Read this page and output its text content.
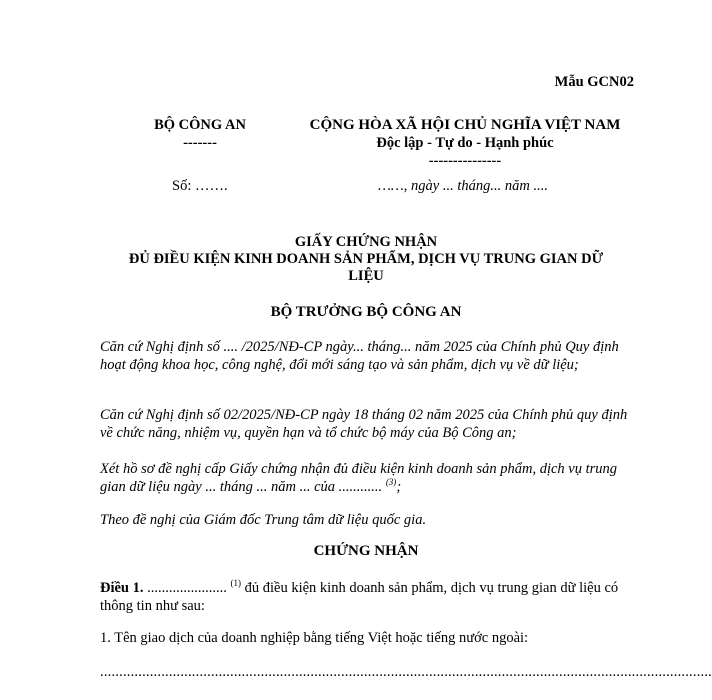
Mẫu GCN02
BỘ CÔNG AN
-------
CỘNG HÒA XÃ HỘI CHỦ NGHĨA VIỆT NAM
Độc lập - Tự do - Hạnh phúc
---------------
Số: …….	……, ngày ... tháng... năm ....
GIẤY CHỨNG NHẬN
ĐỦ ĐIỀU KIỆN KINH DOANH SẢN PHẨM, DỊCH VỤ TRUNG GIAN DỮ
LIỆU
BỘ TRƯỞNG BỘ CÔNG AN
Căn cứ Nghị định số .... /2025/NĐ-CP ngày... tháng... năm 2025 của Chính phủ Quy định hoạt động khoa học, công nghệ, đổi mới sáng tạo và sản phẩm, dịch vụ về dữ liệu;
Căn cứ Nghị định số 02/2025/NĐ-CP ngày 18 tháng 02 năm 2025 của Chính phủ quy định về chức năng, nhiệm vụ, quyền hạn và tổ chức bộ máy của Bộ Công an;
Xét hồ sơ đề nghị cấp Giấy chứng nhận đủ điều kiện kinh doanh sản phẩm, dịch vụ trung gian dữ liệu ngày ... tháng ... năm ... của ............ $^{(3)}$;
Theo đề nghị của Giám đốc Trung tâm dữ liệu quốc gia.
CHỨNG NHẬN
Điều 1. ...................... $^{(1)}$ đủ điều kiện kinh doanh sản phẩm, dịch vụ trung gian dữ liệu có thông tin như sau:
1. Tên giao dịch của doanh nghiệp bằng tiếng Việt hoặc tiếng nước ngoài:
................................................................................................................................................................
